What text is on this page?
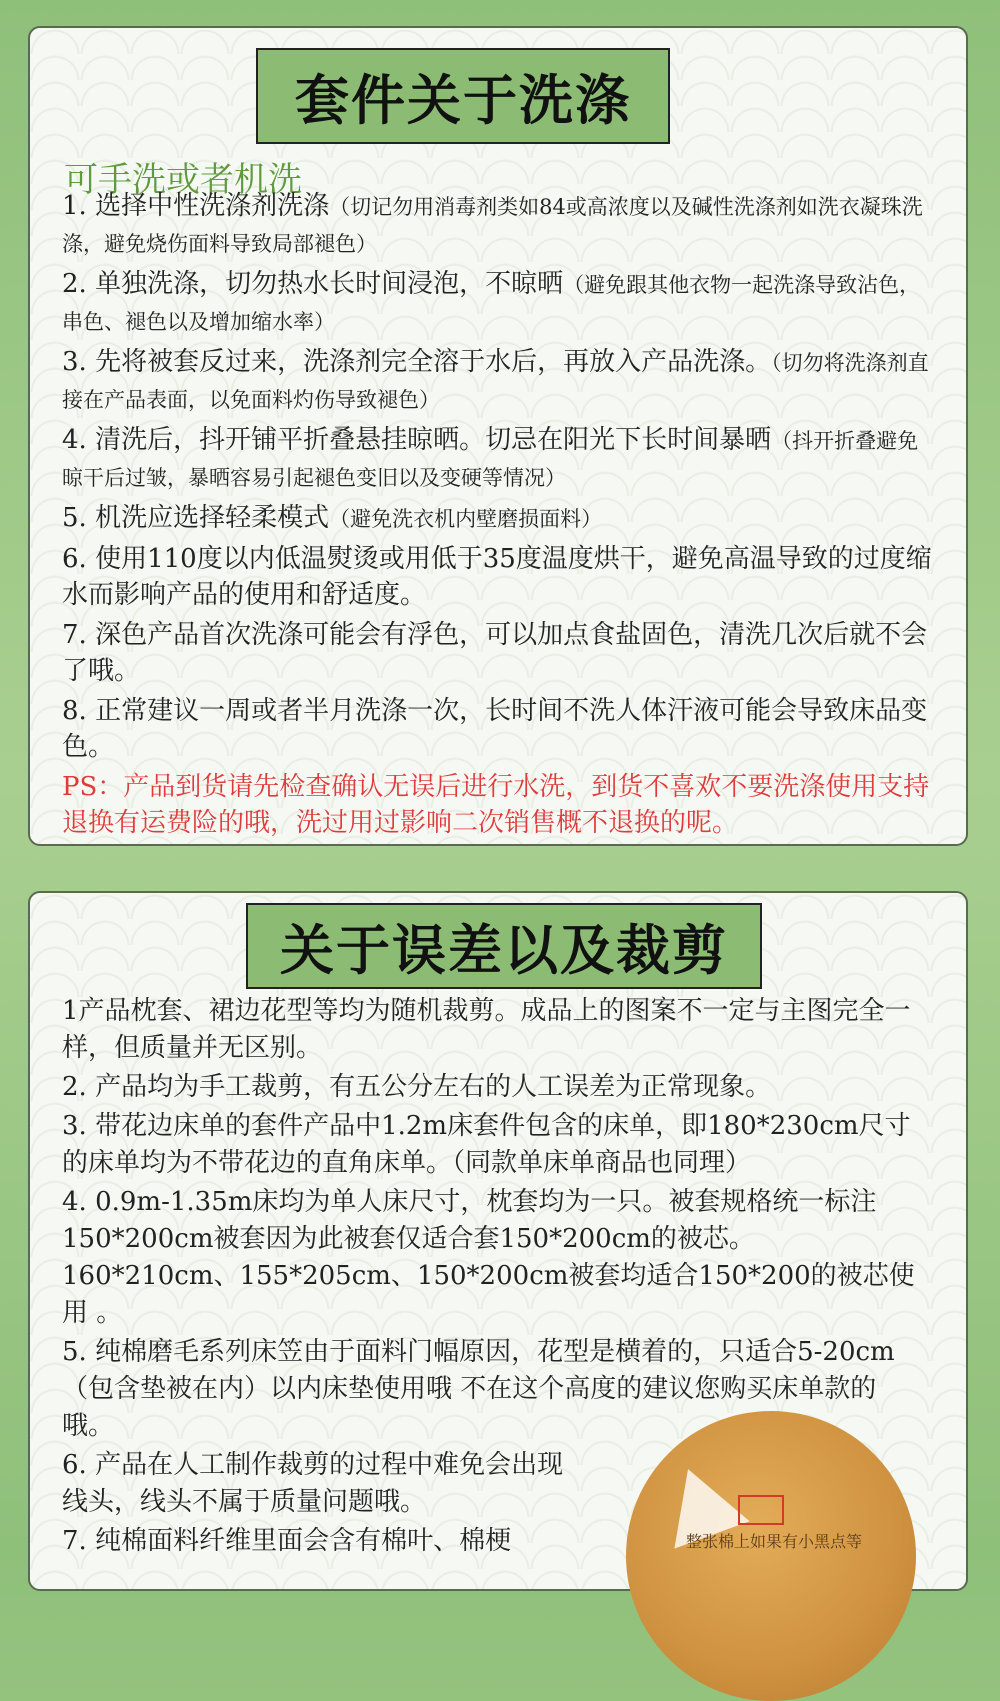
套件关于洗涤
可手洗或者机洗
1. 选择中性洗涤剂洗涤（切记勿用消毒剂类如84或高浓度以及碱性洗涤剂如洗衣凝珠洗涤，避免烧伤面料导致局部褪色）
2. 单独洗涤，切勿热水长时间浸泡，不晾晒（避免跟其他衣物一起洗涤导致沾色，串色、褪色以及增加缩水率）
3. 先将被套反过来，洗涤剂完全溶于水后，再放入产品洗涤。（切勿将洗涤剂直接在产品表面，以免面料灼伤导致褪色）
4. 清洗后，抖开铺平折叠悬挂晾晒。切忌在阳光下长时间暴晒（抖开折叠避免晾干后过皱，暴晒容易引起褪色变旧以及变硬等情况）
5. 机洗应选择轻柔模式（避免洗衣机内壁磨损面料）
6. 使用110度以内低温熨烫或用低于35度温度烘干，避免高温导致的过度缩水而影响产品的使用和舒适度。
7. 深色产品首次洗涤可能会有浮色，可以加点食盐固色，清洗几次后就不会了哦。
8. 正常建议一周或者半月洗涤一次，长时间不洗人体汗液可能会导致床品变色。
PS：产品到货请先检查确认无误后进行水洗，到货不喜欢不要洗涤使用支持退换有运费险的哦，洗过用过影响二次销售概不退换的呢。
关于误差以及裁剪
1产品枕套、裙边花型等均为随机裁剪。成品上的图案不一定与主图完全一样，但质量并无区别。
2. 产品均为手工裁剪，有五公分左右的人工误差为正常现象。
3. 带花边床单的套件产品中1.2m床套件包含的床单，即180*230cm尺寸的床单均为不带花边的直角床单。（同款单床单商品也同理）
4. 0.9m-1.35m床均为单人床尺寸，枕套均为一只。被套规格统一标注150*200cm被套因为此被套仅适合套150*200cm的被芯。160*210cm、155*205cm、150*200cm被套均适合150*200的被芯使用 。
5. 纯棉磨毛系列床笠由于面料门幅原因，花型是横着的，只适合5-20cm（包含垫被在内）以内床垫使用哦 不在这个高度的建议您购买床单款的哦。
6. 产品在人工制作裁剪的过程中难免会出现线头，线头不属于质量问题哦。
7. 纯棉面料纤维里面会含有棉叶、棉梗	整张棉上如果有小黑点等
